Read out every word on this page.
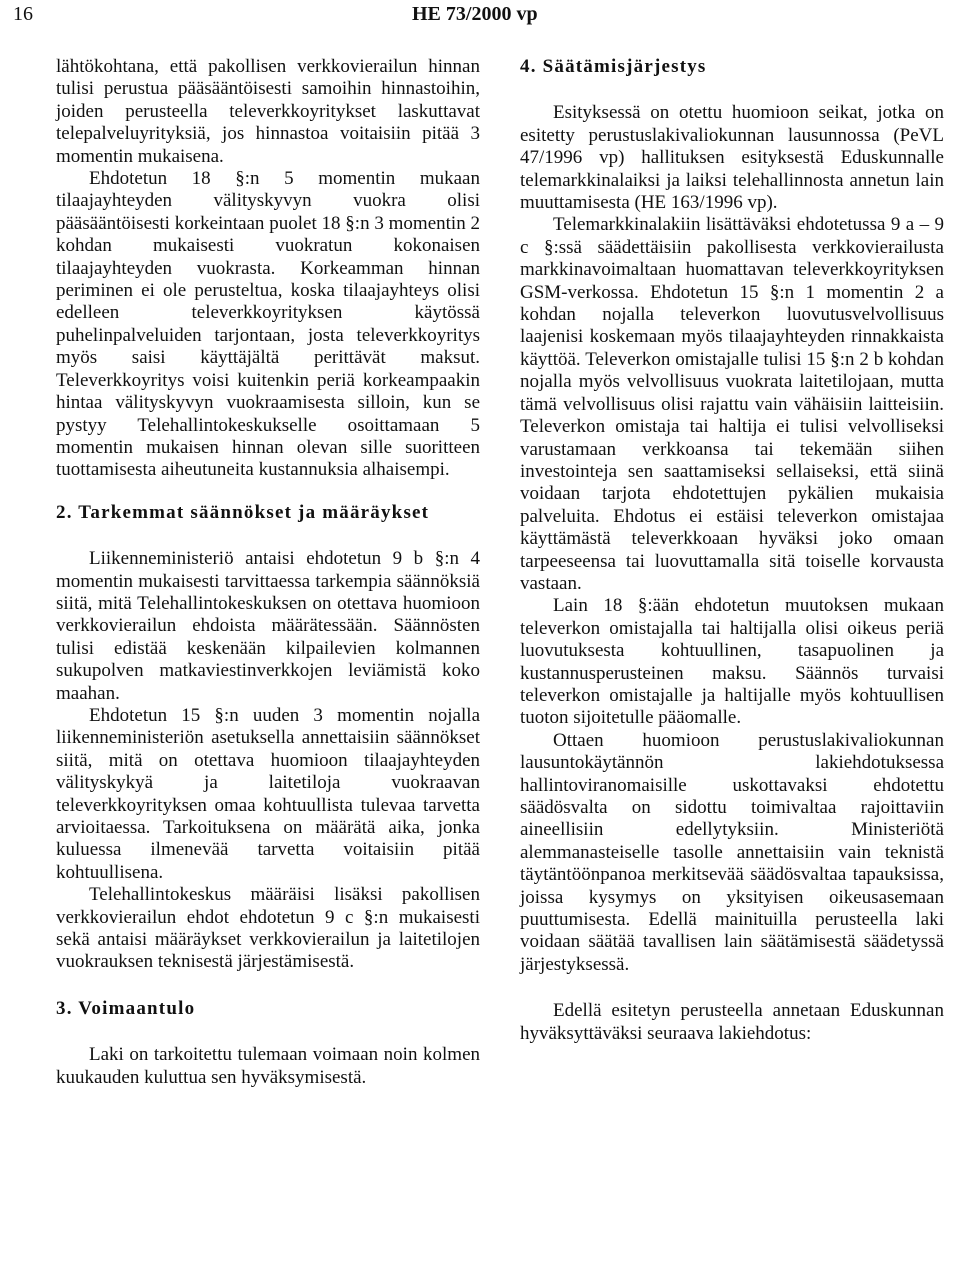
16	HE 73/2000 vp

lähtökohtana, että pakollisen verkkovierailun hinnan tulisi perustua pääsääntöisesti samoihin hinnastoihin, joiden perusteella televerkkoyritykset laskuttavat telepalveluyrityksiä, jos hinnastoa voitaisiin pitää 3 momentin mukaisena.

Ehdotetun 18 §:n 5 momentin mukaan tilaajayhteyden välityskyvyn vuokra olisi pääsääntöisesti korkeintaan puolet 18 §:n 3 momentin 2 kohdan mukaisesti vuokratun kokonaisen tilaajayhteyden vuokrasta. Korkeamman hinnan periminen ei ole perusteltua, koska tilaajayhteys olisi edelleen televerkkoyrityksen käytössä puhelinpalveluiden tarjontaan, josta televerkkoyritys myös saisi käyttäjältä perittävät maksut. Televerkkoyritys voisi kuitenkin periä korkeampaakin hintaa välityskyvyn vuokraamisesta silloin, kun se pystyy Telehallintokeskukselle osoittamaan 5 momentin mukaisen hinnan olevan sille suoritteen tuottamisesta aiheutuneita kustannuksia alhaisempi.

2. Tarkemmat säännökset ja määräykset

Liikenneministeriö antaisi ehdotetun 9 b §:n 4 momentin mukaisesti tarvittaessa tarkempia säännöksiä siitä, mitä Telehallintokeskuksen on otettava huomioon verkkovierailun ehdoista määrätessään. Säännösten tulisi edistää keskenään kilpailevien kolmannen sukupolven matkaviestinverkkojen leviämistä koko maahan.

Ehdotetun 15 §:n uuden 3 momentin nojalla liikenneministeriön asetuksella annettaisiin säännökset siitä, mitä on otettava huomioon tilaajayhteyden välityskykyä ja laitetiloja vuokraavan televerkkoyrityksen omaa kohtuullista tulevaa tarvetta arvioitaessa. Tarkoituksena on määrätä aika, jonka kuluessa ilmenevää tarvetta voitaisiin pitää kohtuullisena.

Telehallintokeskus määräisi lisäksi pakollisen verkkovierailun ehdot ehdotetun 9 c §:n mukaisesti sekä antaisi määräykset verkkovierailun ja laitetilojen vuokrauksen teknisestä järjestämisestä.

3. Voimaantulo

Laki on tarkoitettu tulemaan voimaan noin kolmen kuukauden kuluttua sen hyväksymisestä.

4. Säätämisjärjestys

Esityksessä on otettu huomioon seikat, jotka on esitetty perustuslakivaliokunnan lausunnossa (PeVL 47/1996 vp) hallituksen esityksestä Eduskunnalle telemarkkinalaiksi ja laiksi telehallinnosta annetun lain muuttamisesta (HE 163/1996 vp).

Telemarkkinalakiin lisättäväksi ehdotetussa 9 a – 9 c §:ssä säädettäisiin pakollisesta verkkovierailusta markkinavoimaltaan huomattavan televerkkoyrityksen GSM-verkossa. Ehdotetun 15 §:n 1 momentin 2 a kohdan nojalla televerkon luovutusvelvollisuus laajenisi koskemaan myös tilaajayhteyden rinnakkaista käyttöä. Televerkon omistajalle tulisi 15 §:n 2 b kohdan nojalla myös velvollisuus vuokrata laitetilojaan, mutta tämä velvollisuus olisi rajattu vain vähäisiin laitteisiin. Televerkon omistaja tai haltija ei tulisi velvolliseksi varustamaan verkkoansa tai tekemään siihen investointeja sen saattamiseksi sellaiseksi, että siinä voidaan tarjota ehdotettujen pykälien mukaisia palveluita. Ehdotus ei estäisi televerkon omistajaa käyttämästä televerkkoaan hyväksi joko omaan tarpeeseensa tai luovuttamalla sitä toiselle korvausta vastaan.

Lain 18 §:ään ehdotetun muutoksen mukaan televerkon omistajalla tai haltijalla olisi oikeus periä luovutuksesta kohtuullinen, tasapuolinen ja kustannusperusteinen maksu. Säännös turvaisi televerkon omistajalle ja haltijalle myös kohtuullisen tuoton sijoitetulle pääomalle.

Ottaen huomioon perustuslakivaliokunnan lausuntokäytännön lakiehdotuksessa hallintoviranomaisille uskottavaksi ehdotettu säädösvalta on sidottu toimivaltaa rajoittaviin aineellisiin edellytyksiin. Ministeriötä alemmanasteiselle tasolle annettaisiin vain teknistä täytäntöönpanoa merkitsevää säädösvaltaa tapauksissa, joissa kysymys on yksityisen oikeusasemaan puuttumisesta. Edellä mainituilla perusteella laki voidaan säätää tavallisen lain säätämisestä säädetyssä järjestyksessä.

Edellä esitetyn perusteella annetaan Eduskunnan hyväksyttäväksi seuraava lakiehdotus:
